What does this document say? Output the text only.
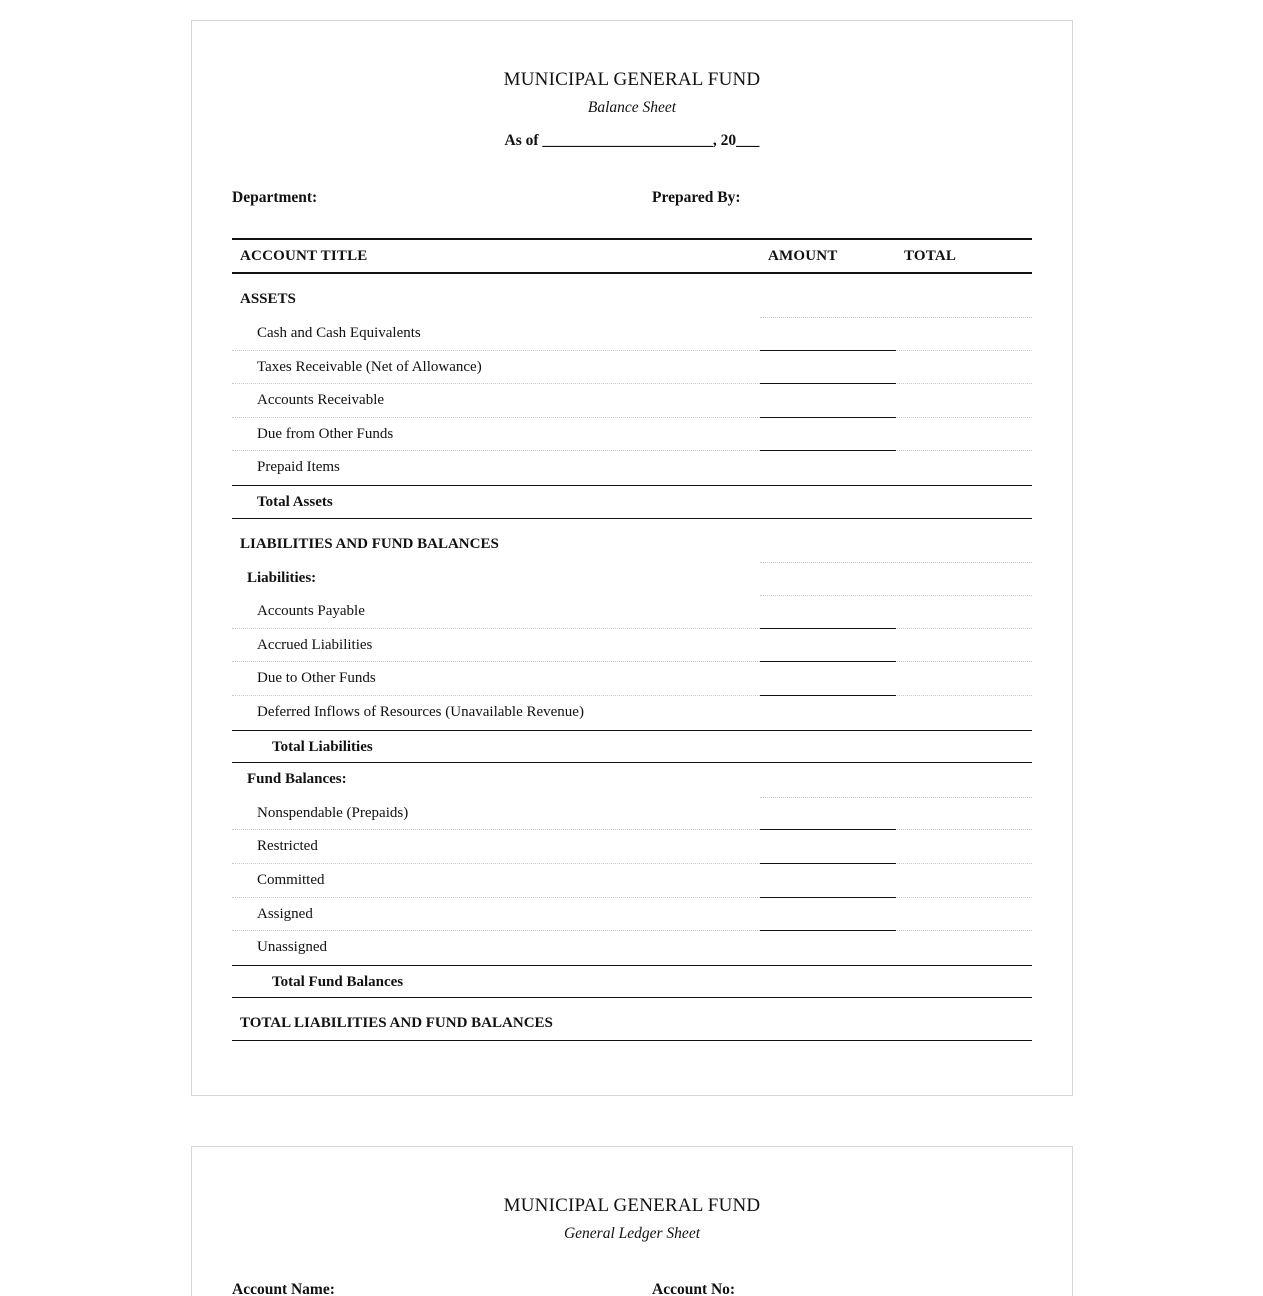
MUNICIPAL GENERAL FUND
Balance Sheet
As of ______________________, 20___
Department:	Prepared By:
ACCOUNT TITLE	AMOUNT	TOTAL
ASSETS
Cash and Cash Equivalents
Taxes Receivable (Net of Allowance)
Accounts Receivable
Due from Other Funds
Prepaid Items
Total Assets
LIABILITIES AND FUND BALANCES
Liabilities:
Accounts Payable
Accrued Liabilities
Due to Other Funds
Deferred Inflows of Resources (Unavailable Revenue)
Total Liabilities
Fund Balances:
Nonspendable (Prepaids)
Restricted
Committed
Assigned
Unassigned
Total Fund Balances
TOTAL LIABILITIES AND FUND BALANCES
MUNICIPAL GENERAL FUND
General Ledger Sheet
Account Name:	Account No:
